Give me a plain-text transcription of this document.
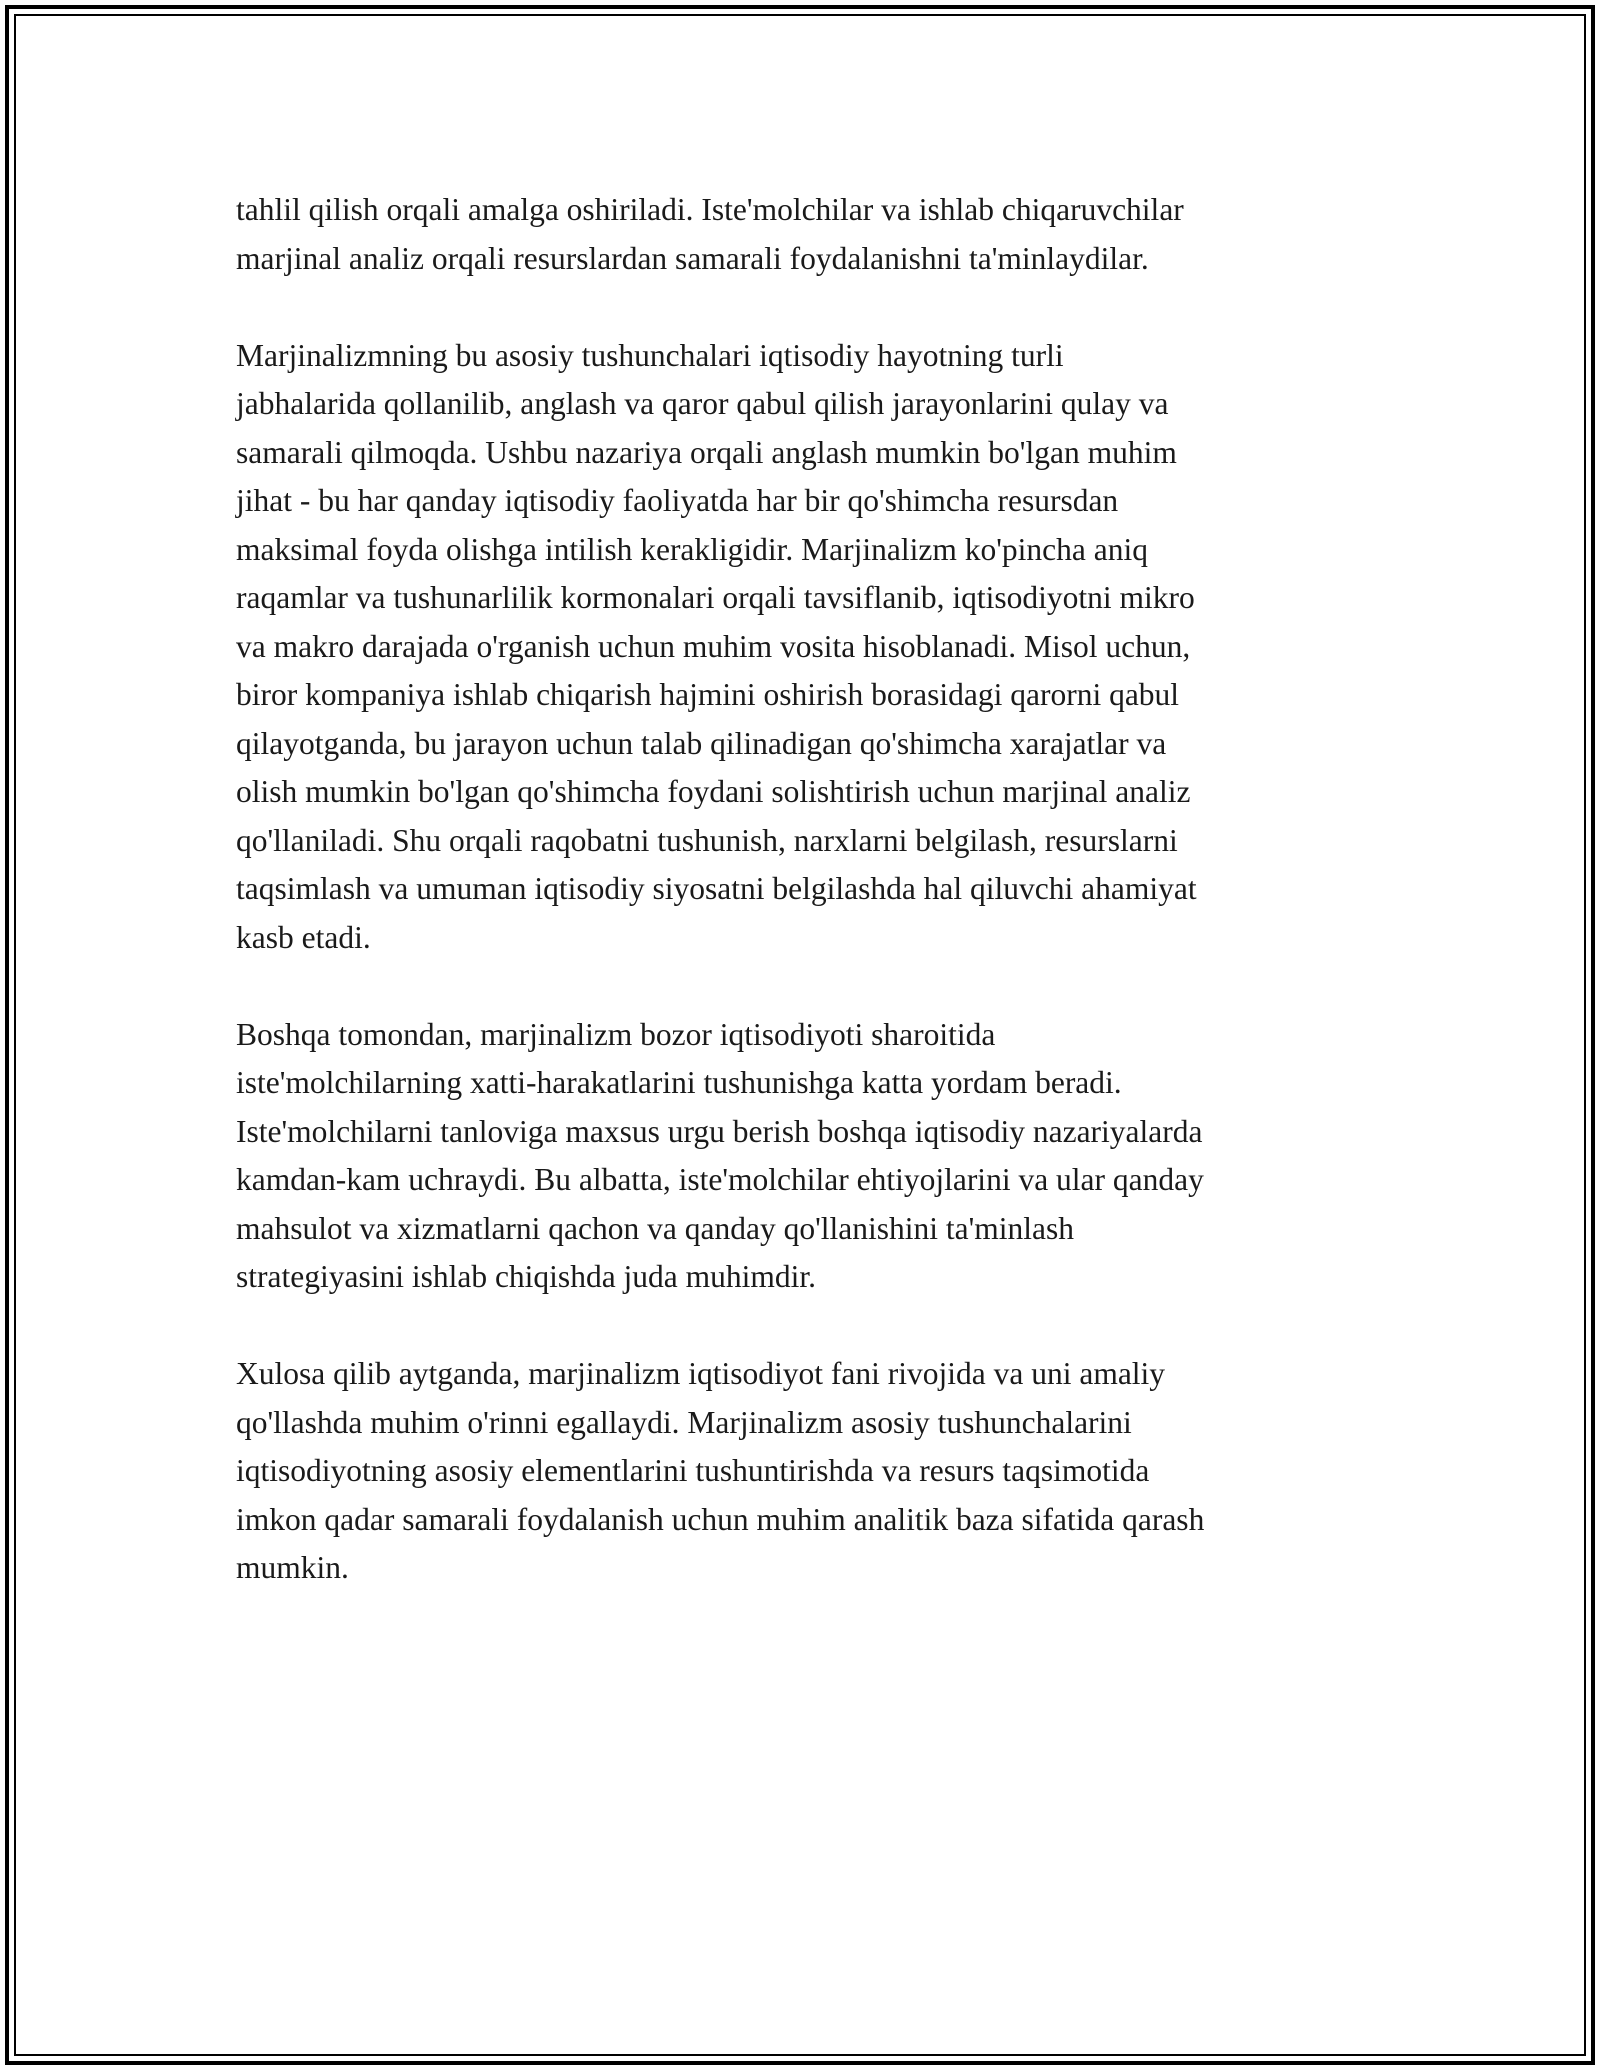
tahlil qilish orqali amalga oshiriladi. Iste'molchilar va ishlab chiqaruvchilar
marjinal analiz orqali resurslardan samarali foydalanishni ta'minlaydilar.

Marjinalizmning bu asosiy tushunchalari iqtisodiy hayotning turli
jabhalarida qollanilib, anglash va qaror qabul qilish jarayonlarini qulay va
samarali qilmoqda. Ushbu nazariya orqali anglash mumkin bo'lgan muhim
jihat - bu har qanday iqtisodiy faoliyatda har bir qo'shimcha resursdan
maksimal foyda olishga intilish kerakligidir. Marjinalizm ko'pincha aniq
raqamlar va tushunarlilik kormonalari orqali tavsiflanib, iqtisodiyotni mikro
va makro darajada o'rganish uchun muhim vosita hisoblanadi. Misol uchun,
biror kompaniya ishlab chiqarish hajmini oshirish borasidagi qarorni qabul
qilayotganda, bu jarayon uchun talab qilinadigan qo'shimcha xarajatlar va
olish mumkin bo'lgan qo'shimcha foydani solishtirish uchun marjinal analiz
qo'llaniladi. Shu orqali raqobatni tushunish, narxlarni belgilash, resurslarni
taqsimlash va umuman iqtisodiy siyosatni belgilashda hal qiluvchi ahamiyat
kasb etadi.

Boshqa tomondan, marjinalizm bozor iqtisodiyoti sharoitida
iste'molchilarning xatti-harakatlarini tushunishga katta yordam beradi.
Iste'molchilarni tanloviga maxsus urgu berish boshqa iqtisodiy nazariyalarda
kamdan-kam uchraydi. Bu albatta, iste'molchilar ehtiyojlarini va ular qanday
mahsulot va xizmatlarni qachon va qanday qo'llanishini ta'minlash
strategiyasini ishlab chiqishda juda muhimdir.

Xulosa qilib aytganda, marjinalizm iqtisodiyot fani rivojida va uni amaliy
qo'llashda muhim o'rinni egallaydi. Marjinalizm asosiy tushunchalarini
iqtisodiyotning asosiy elementlarini tushuntirishda va resurs taqsimotida
imkon qadar samarali foydalanish uchun muhim analitik baza sifatida qarash
mumkin.
